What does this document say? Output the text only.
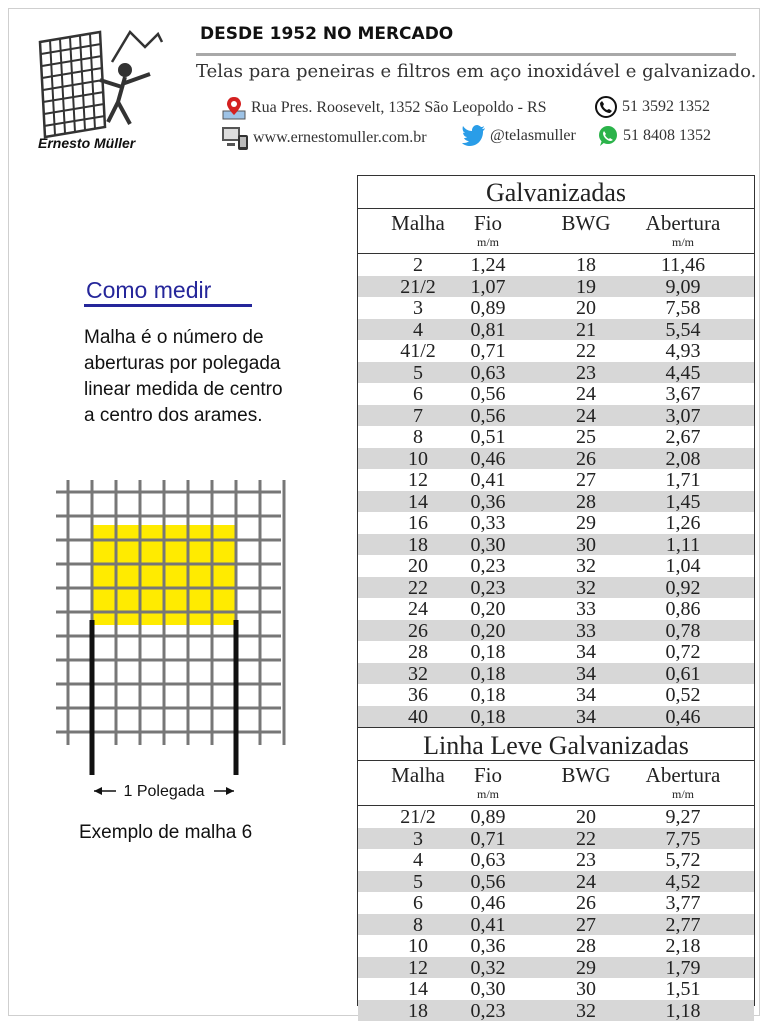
Ernesto Müller
DESDE 1952 NO MERCADO
Telas para peneiras e filtros em aço inoxidável e galvanizado.
Rua Pres. Roosevelt, 1352 São Leopoldo - RS	51 3592 1352
www.ernestomuller.com.br	@telasmuller	51 8408 1352
Como medir
Malha é o número de aberturas por polegada linear medida de centro a centro dos arames.
1 Polegada
Exemplo de malha 6
Galvanizadas
Malha Fio
m/m
BWG Abertura
m/m
2 1,24	18	11,46
21/2 1,07	19	9,09
3 0,89	20	7,58
4 0,81	21	5,54
41/2 0,71	22	4,93
5 0,63	23	4,45
6 0,56	24	3,67
7 0,56	24	3,07
8 0,51	25	2,67
10 0,46	26	2,08
12 0,41	27	1,71
14 0,36	28	1,45
16 0,33	29	1,26
18 0,30	30	1,11
20 0,23	32	1,04
22 0,23	32	0,92
24 0,20	33	0,86
26 0,20	33	0,78
28 0,18	34	0,72
32 0,18	34	0,61
36 0,18	34	0,52
40 0,18	34	0,46
Linha Leve Galvanizadas
Malha Fio
m/m
BWG Abertura
m/m
21/2 0,89	20	9,27
3 0,71	22	7,75
4 0,63	23	5,72
5 0,56	24	4,52
6 0,46	26	3,77
8 0,41	27	2,77
10 0,36	28	2,18
12 0,32	29	1,79
14 0,30	30	1,51
18 0,23	32	1,18
